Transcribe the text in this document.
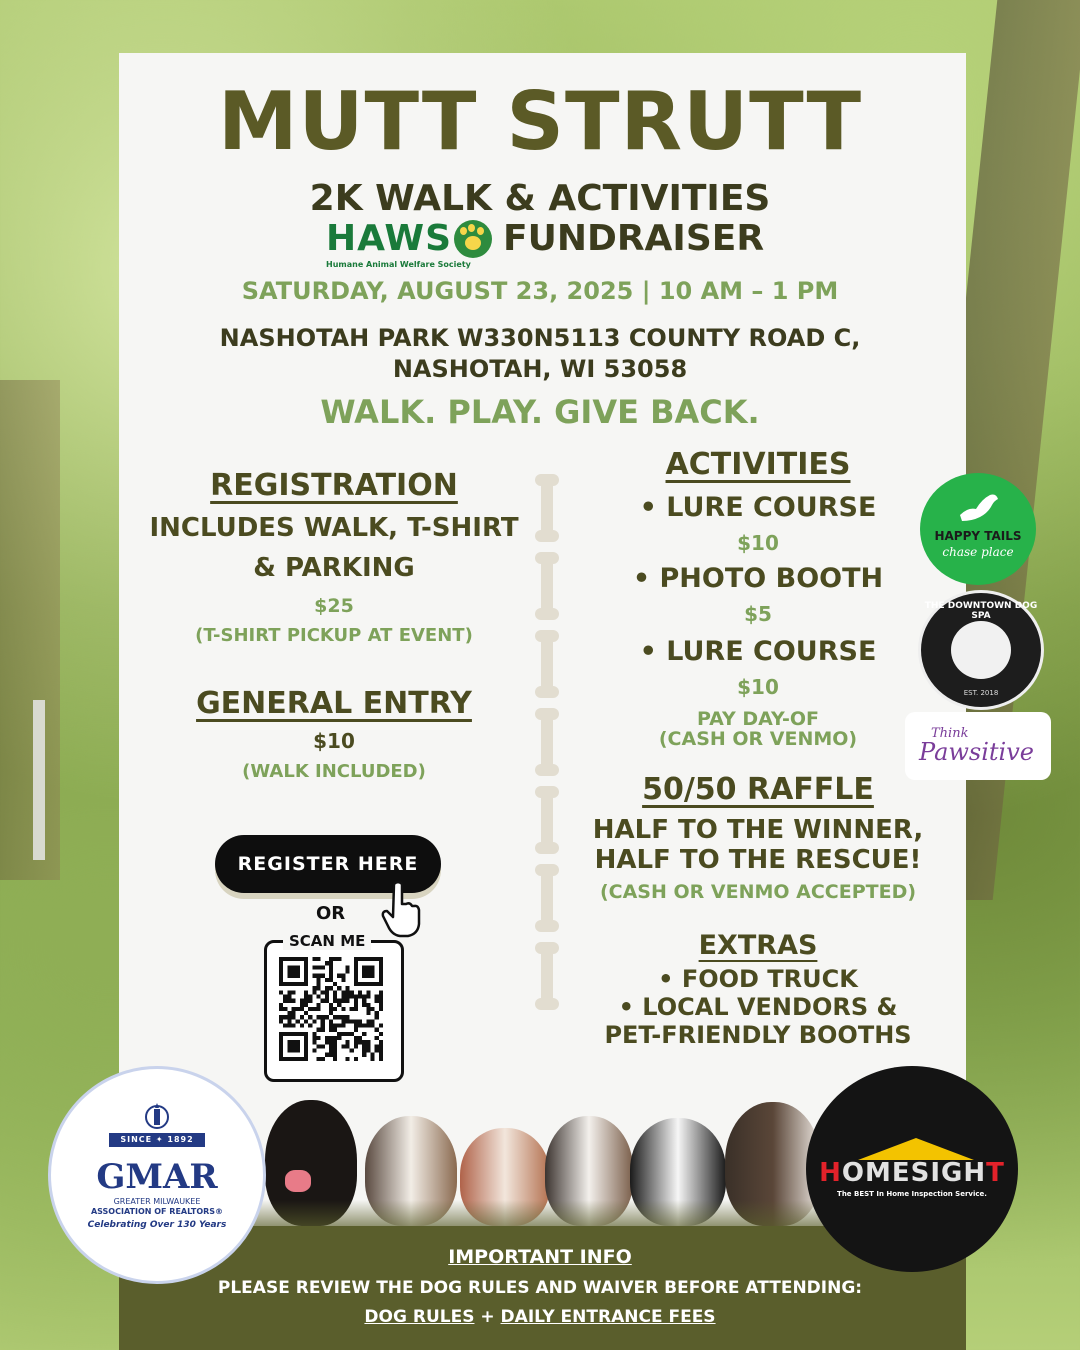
MUTT STRUTT
2K WALK & ACTIVITIES
HAWS
Humane Animal Welfare Society
FUNDRAISER
SATURDAY, AUGUST 23, 2025 | 10 AM – 1 PM
NASHOTAH PARK W330N5113 COUNTY ROAD C,
NASHOTAH, WI 53058
WALK. PLAY. GIVE BACK.
REGISTRATION
INCLUDES WALK, T-SHIRT
& PARKING
$25
(T-SHIRT PICKUP AT EVENT)
GENERAL ENTRY
$10
(WALK INCLUDED)
REGISTER HERE
OR
SCAN ME
ACTIVITIES
• LURE COURSE
$10
• PHOTO BOOTH
$5
• LURE COURSE
$10
PAY DAY-OF
(CASH OR VENMO)
50/50 RAFFLE
HALF TO THE WINNER,
HALF TO THE RESCUE!
(CASH OR VENMO ACCEPTED)
EXTRAS
• FOOD TRUCK
• LOCAL VENDORS &
PET-FRIENDLY BOOTHS
HAPPY TAILS
chase place
THE DOWNTOWN DOG SPA
EST. 2018
Think
Pawsitive
IMPORTANT INFO
PLEASE REVIEW THE DOG RULES AND WAIVER BEFORE ATTENDING:
DOG RULES + DAILY ENTRANCE FEES
SINCE ✦ 1892
GMAR
GREATER MILWAUKEE
ASSOCIATION OF REALTORS®
Celebrating Over 130 Years
HOMESIGHT
The BEST In Home Inspection Service.
